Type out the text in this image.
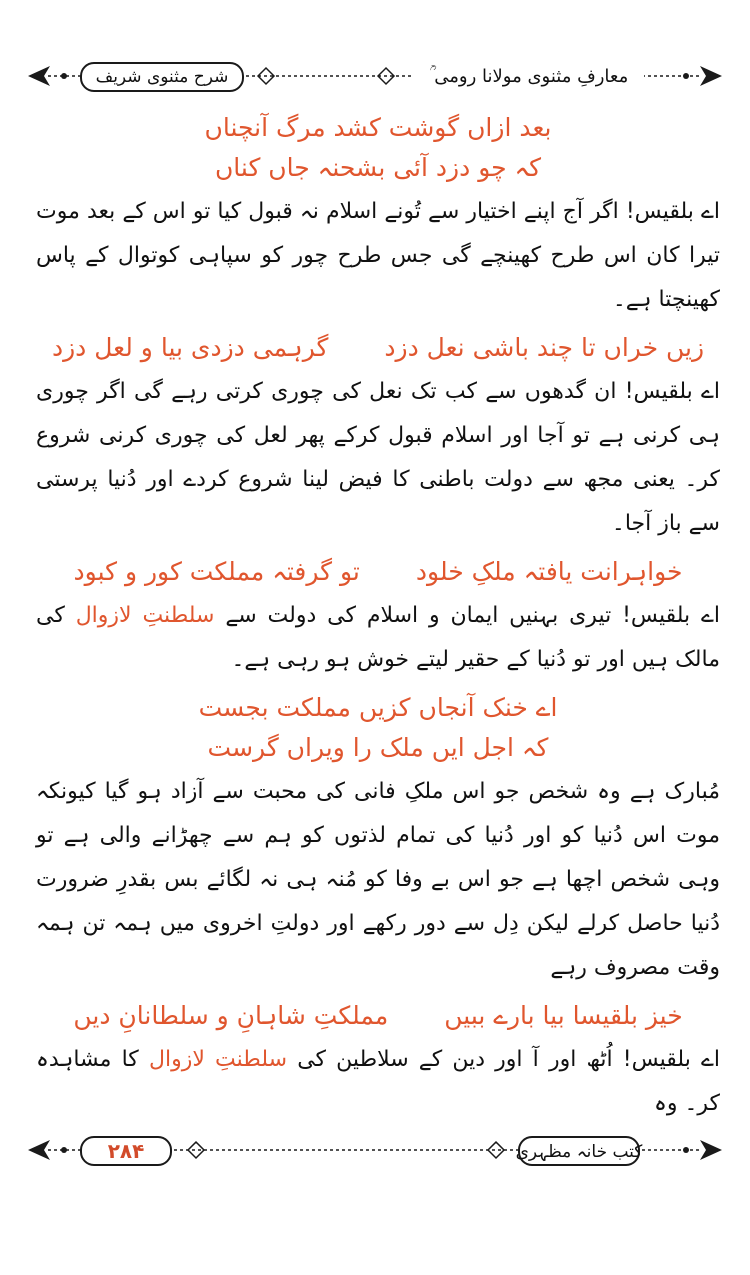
شرح مثنوی شریف	معارفِ مثنوی مولانا رومی ؒ
بعد ازاں گوشت کشد مرگ آنچناں
کہ چو دزد آئی بشحنہ جاں کناں

اے بلقیس! اگر آج اپنے اختیار سے تُونے اسلام نہ قبول کیا تو اس کے بعد موت تیرا کان اس طرح کھینچے گی جس طرح چور کو سپاہی کوتوال کے پاس کھینچتا ہے۔

زیں خراں تا چند باشی نعل دزد
گرہمی دزدی بیا و لعل دزد

اے بلقیس! ان گدھوں سے کب تک نعل کی چوری کرتی رہے گی اگر چوری ہی کرنی ہے تو آجا اور اسلام قبول کرکے پھر لعل کی چوری کرنی شروع کر۔ یعنی مجھ سے دولت باطنی کا فیض لینا شروع کردے اور دُنیا پرستی سے باز آجا۔

خواہرانت یافتہ ملکِ خلود
تو گرفتہ مملکت کور و کبود

اے بلقیس! تیری بہنیں ایمان و اسلام کی دولت سے سلطنتِ لازوال کی مالک ہیں اور تو دُنیا کے حقیر لیتے خوش ہو رہی ہے۔

اے خنک آنجاں کزیں مملکت بجست
کہ اجل ایں ملک را ویراں گرست

مُبارک ہے وہ شخص جو اس ملکِ فانی کی محبت سے آزاد ہو گیا کیونکہ موت اس دُنیا کو اور دُنیا کی تمام لذتوں کو ہم سے چھڑانے والی ہے تو وہی شخص اچھا ہے جو اس بے وفا کو مُنہ ہی نہ لگائے بس بقدرِ ضرورت دُنیا حاصل کرلے لیکن دِل سے دور رکھے اور دولتِ اخروی میں ہمہ تن ہمہ وقت مصروف رہے

خیز بلقیسا بیا بارے ببیں
مملکتِ شاہانِ و سلطانانِ دیں

اے بلقیس! اُٹھ اور آ اور دین کے سلاطین کی سلطنتِ لازوال کا مشاہدہ کر۔ وہ

۲۸۴	کتب خانہ مظہری
